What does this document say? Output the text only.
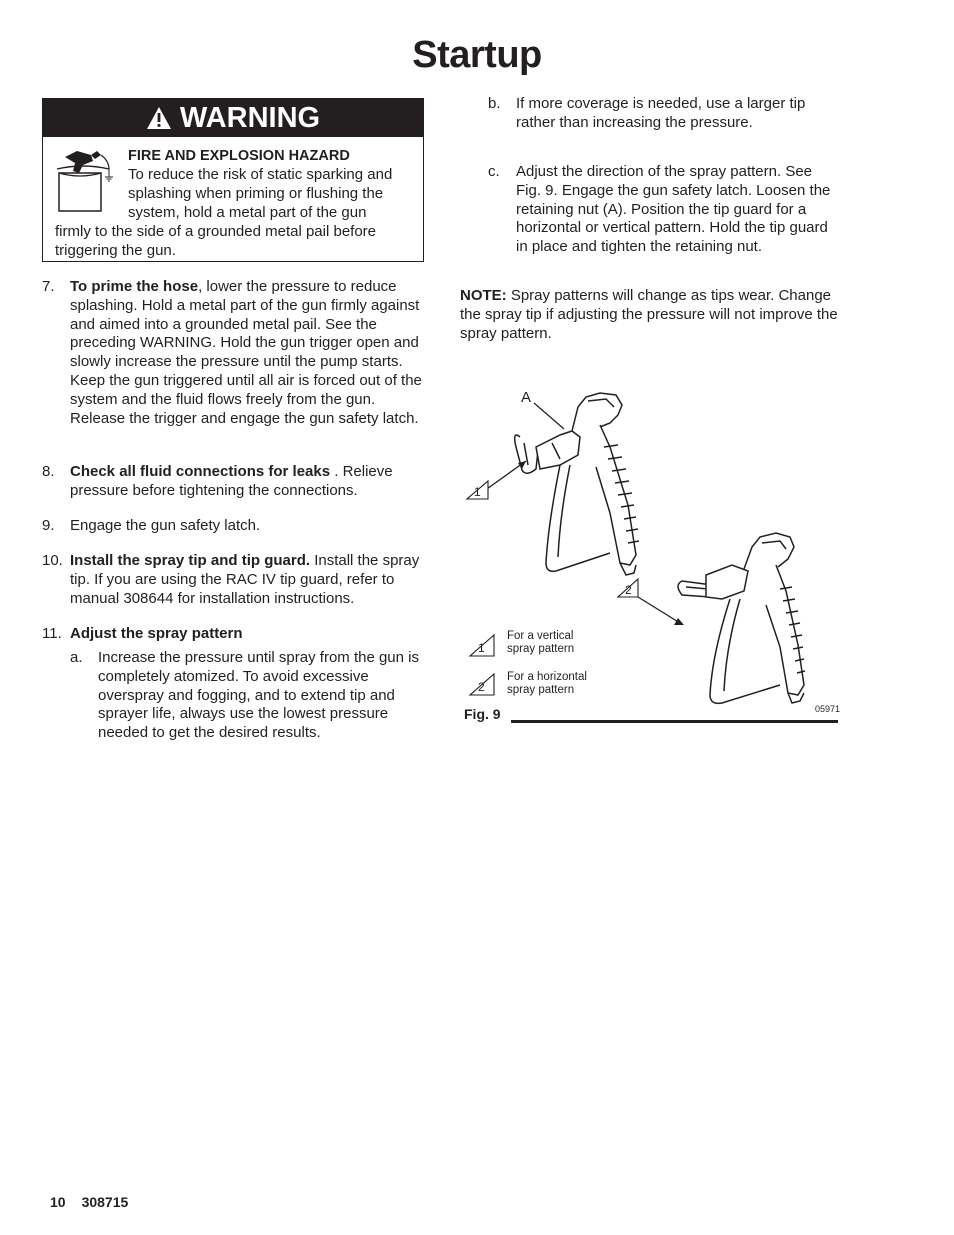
Startup
WARNING
FIRE AND EXPLOSION HAZARD
To reduce the risk of static sparking and splashing when priming or flushing the system, hold a metal part of the gun
firmly to the side of a grounded metal pail before triggering the gun.
7. To prime the hose, lower the pressure to reduce splashing. Hold a metal part of the gun firmly against and aimed into a grounded metal pail. See the preceding WARNING. Hold the gun trigger open and slowly increase the pressure until the pump starts. Keep the gun triggered until all air is forced out of the system and the fluid flows freely from the gun. Release the trigger and engage the gun safety latch.
8. Check all fluid connections for leaks . Relieve pressure before tightening the connections.
9. Engage the gun safety latch.
10. Install the spray tip and tip guard. Install the spray tip. If you are using the RAC IV tip guard, refer to manual 308644 for installation instructions.
11. Adjust the spray pattern
a. Increase the pressure until spray from the gun is completely atomized. To avoid excessive overspray and fogging, and to extend tip and sprayer life, always use the lowest pressure needed to get the desired results.
b. If more coverage is needed, use a larger tip rather than increasing the pressure.
c. Adjust the direction of the spray pattern. See Fig. 9. Engage the gun safety latch. Loosen the retaining nut (A). Position the tip guard for a horizontal or vertical pattern. Hold the tip guard in place and tighten the retaining nut.
NOTE: Spray patterns will change as tips wear. Change the spray tip if adjusting the pressure will not improve the spray pattern.
A
1
2
1
2
For a vertical
spray pattern
For a horizontal
spray pattern
05971
Fig. 9
10 308715
